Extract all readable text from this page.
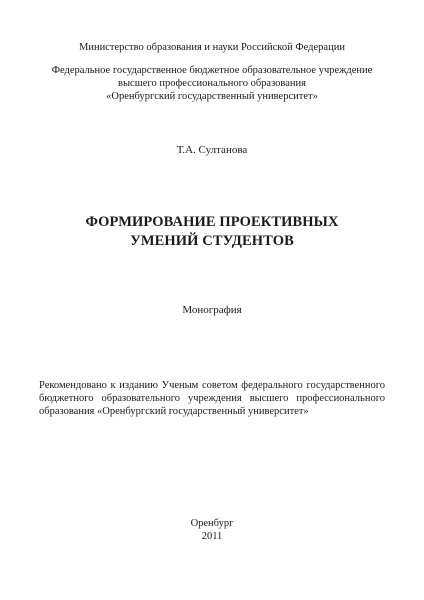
Министерство образования и науки Российской Федерации
Федеральное государственное бюджетное образовательное учреждение
высшего профессионального образования
«Оренбургский государственный университет»
Т.А. Султанова
ФОРМИРОВАНИЕ ПРОЕКТИВНЫХ
УМЕНИЙ СТУДЕНТОВ
Монография
Рекомендовано к изданию Ученым советом федерального государственного
бюджетного образовательного учреждения высшего профессионального
образования «Оренбургский государственный университет»
Оренбург
2011
